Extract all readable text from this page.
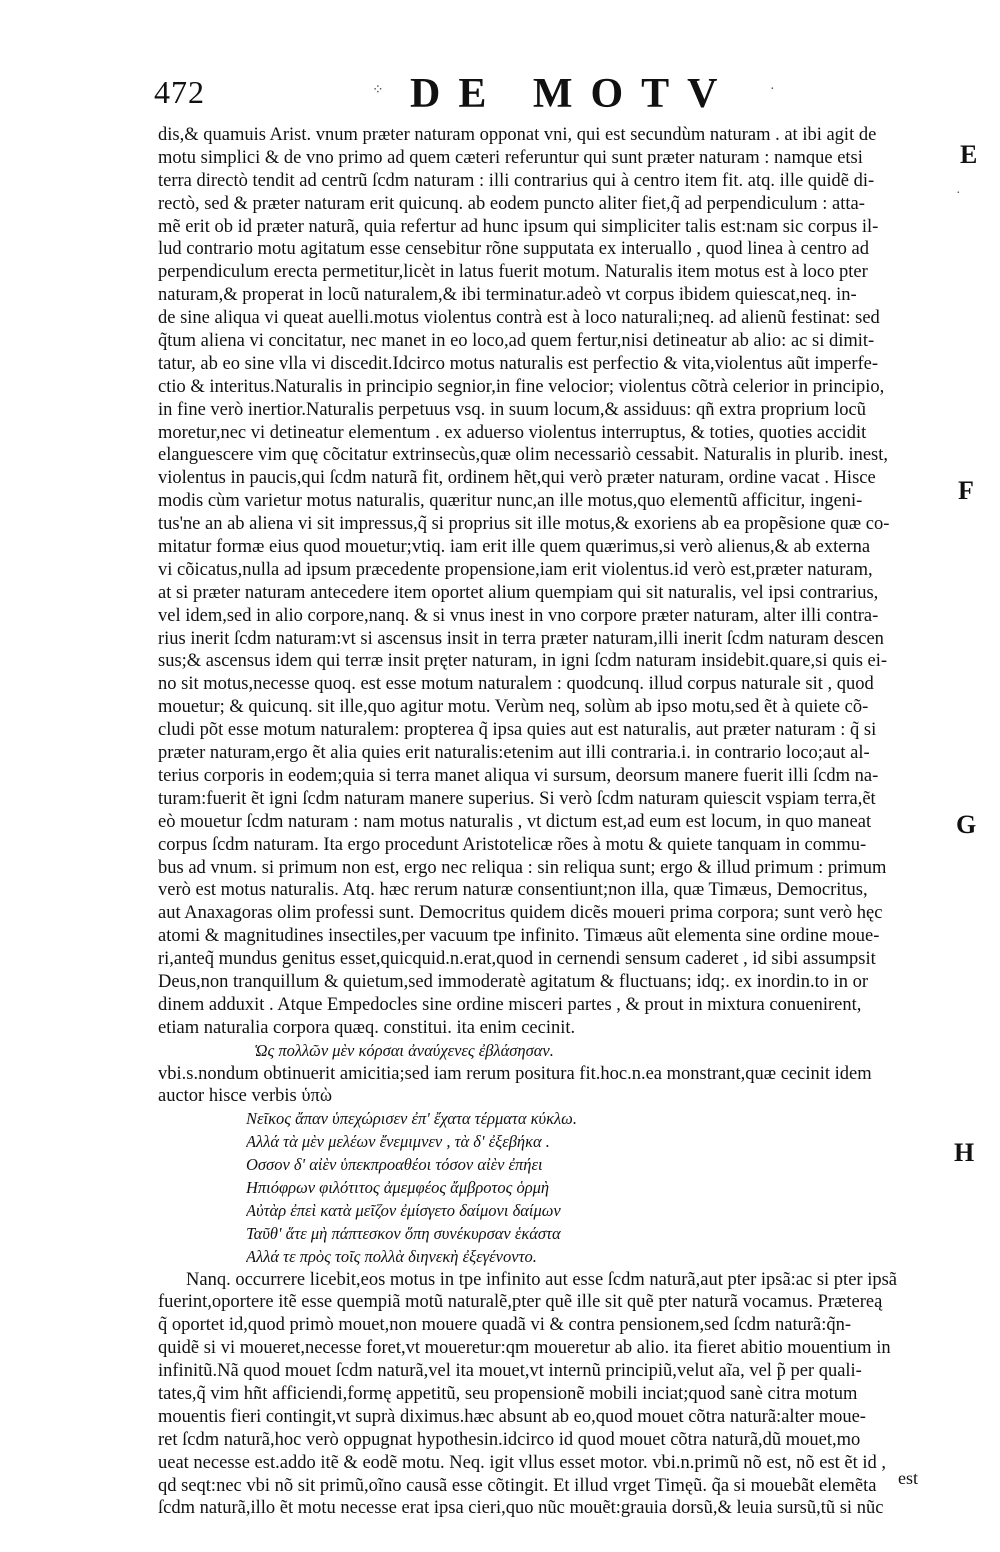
472	⁘ DE MOTV ·
dis,& quamuis Arist. vnum præter naturam opponat vni, qui est secundùm naturam . at ibi agit de
motu simplici & de vno primo ad quem cæteri referuntur qui sunt præter naturam : namque etsi
terra directò tendit ad centrũ ſcdm naturam : illi contrarius qui à centro item fit. atq. ille quidẽ di-
rectò, sed & præter naturam erit quicunq. ab eodem puncto aliter fiet,q̃ ad perpendiculum : atta-
mẽ erit ob id præter naturã, quia refertur ad hunc ipsum qui simpliciter talis est:nam sic corpus il-
lud contrario motu agitatum esse censebitur rõne supputata ex interuallo , quod linea à centro ad
perpendiculum erecta permetitur,licèt in latus fuerit motum. Naturalis item motus est à loco pter
naturam,& properat in locũ naturalem,& ibi terminatur.adeò vt corpus ibidem quiescat,neq. in-
de sine aliqua vi queat auelli.motus violentus contrà est à loco naturali;neq. ad alienũ festinat: sed
q̃tum aliena vi concitatur, nec manet in eo loco,ad quem fertur,nisi detineatur ab alio: ac si dimit-
tatur, ab eo sine vlla vi discedit.Idcirco motus naturalis est perfectio & vita,violentus aũt imperfe-
ctio & interitus.Naturalis in principio segnior,in fine velocior; violentus cõtrà celerior in principio,
in fine verò inertior.Naturalis perpetuus vsq. in suum locum,& assiduus: qñ extra proprium locũ
moretur,nec vi detineatur elementum . ex aduerso violentus interruptus, & toties, quoties accidit
elanguescere vim quę cõcitatur extrinsecùs,quæ olim necessariò cessabit. Naturalis in plurib. inest,
violentus in paucis,qui ſcdm naturã fit, ordinem hẽt,qui verò præter naturam, ordine vacat . Hisce
modis cùm varietur motus naturalis, quæritur nunc,an ille motus,quo elementũ afficitur, ingeni-
tus'ne an ab aliena vi sit impressus,q̃ si proprius sit ille motus,& exoriens ab ea propẽsione quæ co-
mitatur formæ eius quod mouetur;vtiq. iam erit ille quem quærimus,si verò alienus,& ab externa
vi cõicatus,nulla ad ipsum præcedente propensione,iam erit violentus.id verò est,præter naturam,
at si præter naturam antecedere item oportet alium quempiam qui sit naturalis, vel ipsi contrarius,
vel idem,sed in alio corpore,nanq. & si vnus inest in vno corpore præter naturam, alter illi contra-
rius inerit ſcdm naturam:vt si ascensus insit in terra præter naturam,illi inerit ſcdm naturam descen
sus;& ascensus idem qui terræ insit pręter naturam, in igni ſcdm naturam insidebit.quare,si quis ei-
no sit motus,necesse quoq. est esse motum naturalem : quodcunq. illud corpus naturale sit , quod
mouetur; & quicunq. sit ille,quo agitur motu. Verùm neq, solùm ab ipso motu,sed ẽt à quiete cõ-
cludi põt esse motum naturalem: propterea q̃ ipsa quies aut est naturalis, aut præter naturam : q̃ si
præter naturam,ergo ẽt alia quies erit naturalis:etenim aut illi contraria.i. in contrario loco;aut al-
terius corporis in eodem;quia si terra manet aliqua vi sursum, deorsum manere fuerit illi ſcdm na-
turam:fuerit ẽt igni ſcdm naturam manere superius. Si verò ſcdm naturam quiescit vspiam terra,ẽt
eò mouetur ſcdm naturam : nam motus naturalis , vt dictum est,ad eum est locum, in quo maneat
corpus ſcdm naturam. Ita ergo procedunt Aristotelicæ rões à motu & quiete tanquam in commu-
bus ad vnum. si primum non est, ergo nec reliqua : sin reliqua sunt; ergo & illud primum : primum
verò est motus naturalis. Atq. hæc rerum naturæ consentiunt;non illa, quæ Timæus, Democritus,
aut Anaxagoras olim professi sunt. Democritus quidem dicẽs moueri prima corpora; sunt verò hęc
atomi & magnitudines insectiles,per vacuum tpe infinito. Timæus aũt elementa sine ordine moue-
ri,anteq̃ mundus genitus esset,quicquid.n.erat,quod in cernendi sensum caderet , id sibi assumpsit
Deus,non tranquillum & quietum,sed immoderatè agitatum & fluctuans; idq;. ex inordin.to in or
dinem adduxit . Atque Empedocles sine ordine misceri partes , & prout in mixtura conuenirent,
etiam naturalia corpora quæq. constitui. ita enim cecinit.
Ὡς πολλῶν μὲν κόρσαι ἀναύχενες ἐβλάσησαν.
vbi.s.nondum obtinuerit amicitia;sed iam rerum positura fit.hoc.n.ea monstrant,quæ cecinit idem
auctor hisce verbis ὑπὼ
Νεῖκος ἄπαν ὑπεχώρισεν ἐπ' ἔχατα τέρματα κύκλω.
Αλλά τὰ μὲν μελέων ἔνεμιμνεν , τὰ δ' ἐξεβήκα .
Οσσον δ' αἰὲν ὑπεκπροαθέοι τόσον αἰὲν ἐπήει
Ηπιόφρων φιλότιτος ἀμεμφέος ἄμβροτος ὁρμὴ
Αὐτὰρ ἐπεὶ κατὰ μεῖζον ἐμίσγετο δαίμονι δαίμων
Ταῦθ' ἅτε μὴ πάπτεσκον ὅπη συνέκυρσαν ἑκάστα
Αλλά τε πρὸς τοῖς πολλὰ διηνεκὴ ἐξεγένοντο.
Nanq. occurrere licebit,eos motus in tpe infinito aut esse ſcdm naturã,aut pter ipsã:ac si pter ipsã
fuerint,oportere itẽ esse quempiã motũ naturalẽ,pter quẽ ille sit quẽ pter naturã vocamus. Prætereą
q̃ oportet id,quod primò mouet,non mouere quadã vi & contra pensionem,sed ſcdm naturã:q̃n-
quidẽ si vi moueret,necesse foret,vt moueretur:qm moueretur ab alio. ita fieret abitio mouentium in
infinitũ.Nã quod mouet ſcdm naturã,vel ita mouet,vt internũ principiũ,velut aĩa, vel p̃ per quali-
tates,q̃ vim hñt afficiendi,formę appetitũ, seu propensionẽ mobili inciat;quod sanè citra motum
mouentis fieri contingit,vt suprà diximus.hæc absunt ab eo,quod mouet cõtra naturã:alter moue-
ret ſcdm naturã,hoc verò oppugnat hypothesin.idcirco id quod mouet cõtra naturã,dũ mouet,mo
ueat necesse est.addo itẽ & eodẽ motu. Neq. igit vllus esset motor. vbi.n.primũ nõ est, nõ est ẽt id ,
qd seqt:nec vbi nõ sit primũ,oĩno causã esse cõtingit. Et illud vrget Timęũ. q̃a si mouebãt elemẽta
ſcdm naturã,illo ẽt motu necesse erat ipsa cieri,quo nũc mouẽt:grauia dorsũ,& leuia sursũ,tũ si nũc
E
·
F
G
H
est
